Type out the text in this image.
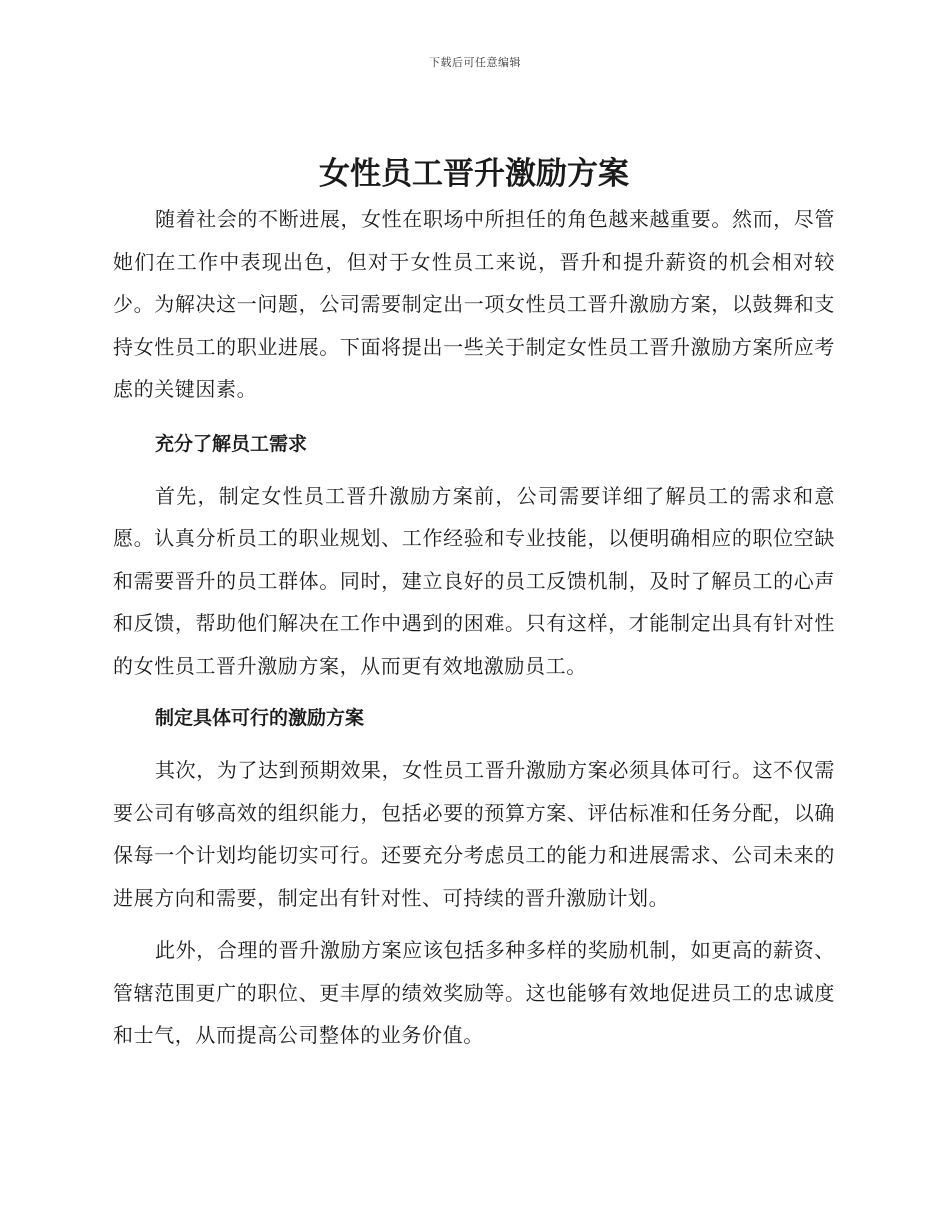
下载后可任意编辑
女性员工晋升激励方案

随着社会的不断进展，女性在职场中所担任的角色越来越重要。然而，尽管她们在工作中表现出色，但对于女性员工来说，晋升和提升薪资的机会相对较少。为解决这一问题，公司需要制定出一项女性员工晋升激励方案，以鼓舞和支持女性员工的职业进展。下面将提出一些关于制定女性员工晋升激励方案所应考虑的关键因素。

充分了解员工需求

首先，制定女性员工晋升激励方案前，公司需要详细了解员工的需求和意愿。认真分析员工的职业规划、工作经验和专业技能，以便明确相应的职位空缺和需要晋升的员工群体。同时，建立良好的员工反馈机制，及时了解员工的心声和反馈，帮助他们解决在工作中遇到的困难。只有这样，才能制定出具有针对性的女性员工晋升激励方案，从而更有效地激励员工。

制定具体可行的激励方案

其次，为了达到预期效果，女性员工晋升激励方案必须具体可行。这不仅需要公司有够高效的组织能力，包括必要的预算方案、评估标准和任务分配，以确保每一个计划均能切实可行。还要充分考虑员工的能力和进展需求、公司未来的进展方向和需要，制定出有针对性、可持续的晋升激励计划。

此外，合理的晋升激励方案应该包括多种多样的奖励机制，如更高的薪资、管辖范围更广的职位、更丰厚的绩效奖励等。这也能够有效地促进员工的忠诚度和士气，从而提高公司整体的业务价值。
